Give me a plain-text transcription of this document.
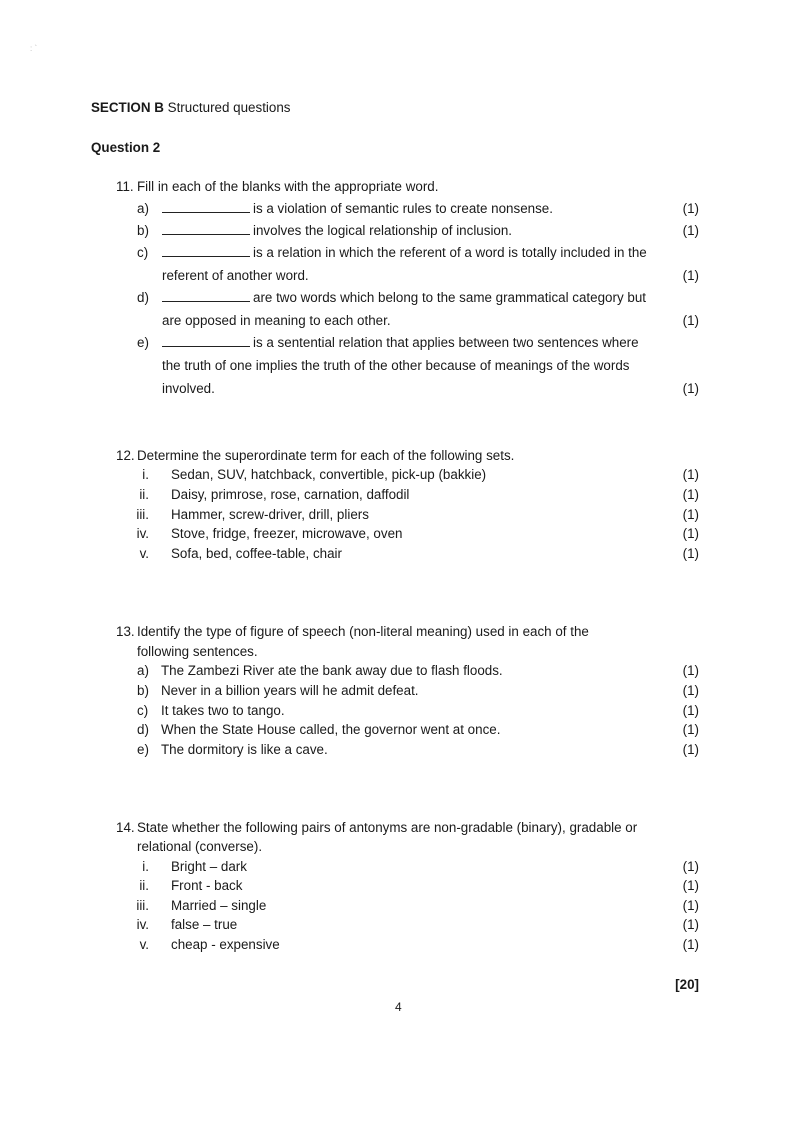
: `
SECTION B Structured questions
Question 2
11. Fill in each of the blanks with the appropriate word.
a)	is a violation of semantic rules to create nonsense.	(1)
b)	involves the logical relationship of inclusion.	(1)
c)	is a relation in which the referent of a word is totally included in the
referent of another word.	(1)
d)	are two words which belong to the same grammatical category but
are opposed in meaning to each other.	(1)
e)	is a sentential relation that applies between two sentences where
the truth of one implies the truth of the other because of meanings of the words
involved.	(1)
12. Determine the superordinate term for each of the following sets.
i. Sedan, SUV, hatchback, convertible, pick-up (bakkie)	(1)
ii. Daisy, primrose, rose, carnation, daffodil	(1)
iii. Hammer, screw-driver, drill, pliers	(1)
iv. Stove, fridge, freezer, microwave, oven	(1)
v. Sofa, bed, coffee-table, chair	(1)
13. Identify the type of figure of speech (non-literal meaning) used in each of the
following sentences.
a) The Zambezi River ate the bank away due to flash floods.	(1)
b) Never in a billion years will he admit defeat.	(1)
c) It takes two to tango.	(1)
d) When the State House called, the governor went at once.	(1)
e) The dormitory is like a cave.	(1)
14. State whether the following pairs of antonyms are non-gradable (binary), gradable or
relational (converse).
i. Bright – dark	(1)
ii. Front - back	(1)
iii. Married – single	(1)
iv. false – true	(1)
v. cheap - expensive	(1)
[20]
4
